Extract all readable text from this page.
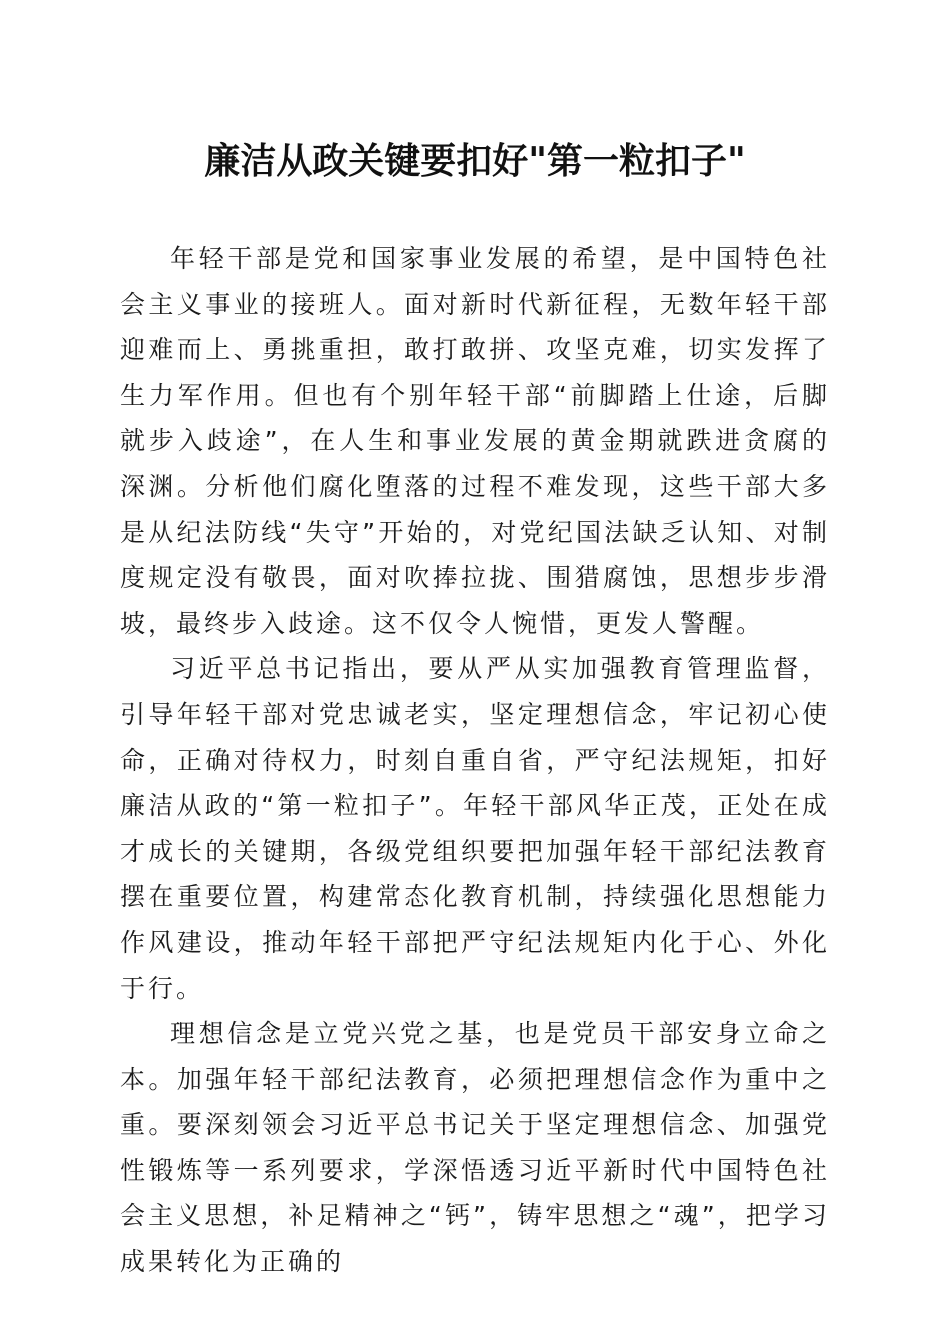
廉洁从政关键要扣好"第一粒扣子"

年轻干部是党和国家事业发展的希望，是中国特色社会主义事业的接班人。面对新时代新征程，无数年轻干部迎难而上、勇挑重担，敢打敢拼、攻坚克难，切实发挥了生力军作用。但也有个别年轻干部“前脚踏上仕途，后脚就步入歧途”，在人生和事业发展的黄金期就跌进贪腐的深渊。分析他们腐化堕落的过程不难发现，这些干部大多是从纪法防线“失守”开始的，对党纪国法缺乏认知、对制度规定没有敬畏，面对吹捧拉拢、围猎腐蚀，思想步步滑坡，最终步入歧途。这不仅令人惋惜，更发人警醒。

习近平总书记指出，要从严从实加强教育管理监督，引导年轻干部对党忠诚老实，坚定理想信念，牢记初心使命，正确对待权力，时刻自重自省，严守纪法规矩，扣好廉洁从政的“第一粒扣子”。年轻干部风华正茂，正处在成才成长的关键期，各级党组织要把加强年轻干部纪法教育摆在重要位置，构建常态化教育机制，持续强化思想能力作风建设，推动年轻干部把严守纪法规矩内化于心、外化于行。

理想信念是立党兴党之基，也是党员干部安身立命之本。加强年轻干部纪法教育，必须把理想信念作为重中之重。要深刻领会习近平总书记关于坚定理想信念、加强党性锻炼等一系列要求，学深悟透习近平新时代中国特色社会主义思想，补足精神之“钙”，铸牢思想之“魂”，把学习成果转化为正确的
